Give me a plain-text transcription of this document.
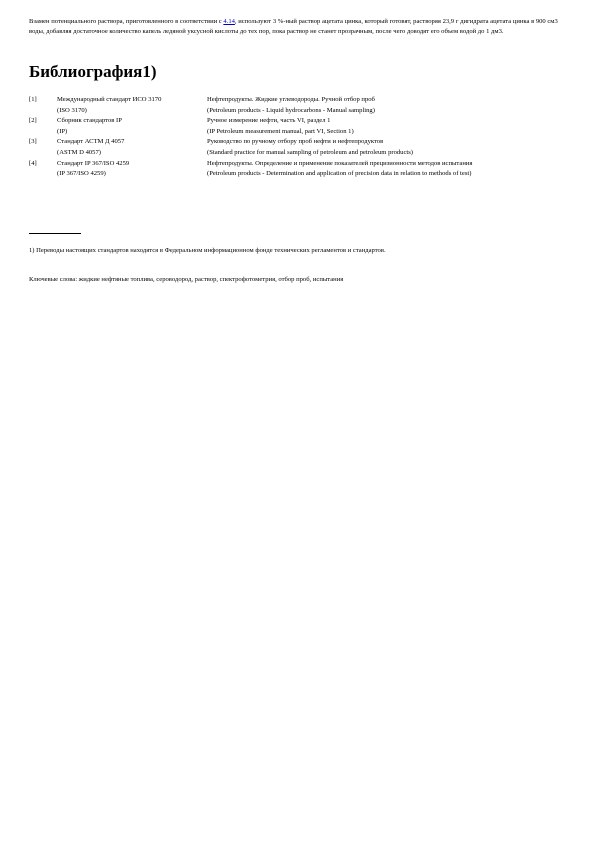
Взамен потенциального раствора, приготовленного в соответствии с 4.14, используют 3 %-ный раствор ацетата цинка, который готовят, растворяя 23,9 г дигидрата ацетата цинка в 900 см3 воды, добавляя достаточное количество капель ледяной уксусной кислоты до тех пор, пока раствор не станет прозрачным, после чего доводят его объем водой до 1 дм3.

Библиография1)
[1]	Международный стандарт ИСО 3170	Нефтепродукты. Жидкие углеводороды. Ручной отбор проб
	(ISO 3170)	(Petroleum products - Liquid hydrocarbons - Manual sampling)
[2]	Сборник стандартов IP	Ручное измерение нефти, часть VI, раздел 1
	(IP)	(IP Petroleum measurement manual, part VI, Section 1)
[3]	Стандарт АСТМ Д 4057	Руководство по ручному отбору проб нефти и нефтепродуктов
	(ASTM D 4057)	(Standard practice for manual sampling of petroleum and petroleum products)
[4]	Стандарт IP 367/ISO 4259	Нефтепродукты. Определение и применение показателей прецизионности методов испытания
	(IP 367/ISO 4259)	(Petroleum products - Determination and application of precision data in relation to methods of test)

1) Переводы настоящих стандартов находятся в Федеральном информационном фонде технических регламентов и стандартов.

Ключевые слова: жидкие нефтяные топлива, сероводород, раствор, спектрофотометрия, отбор проб, испытания
